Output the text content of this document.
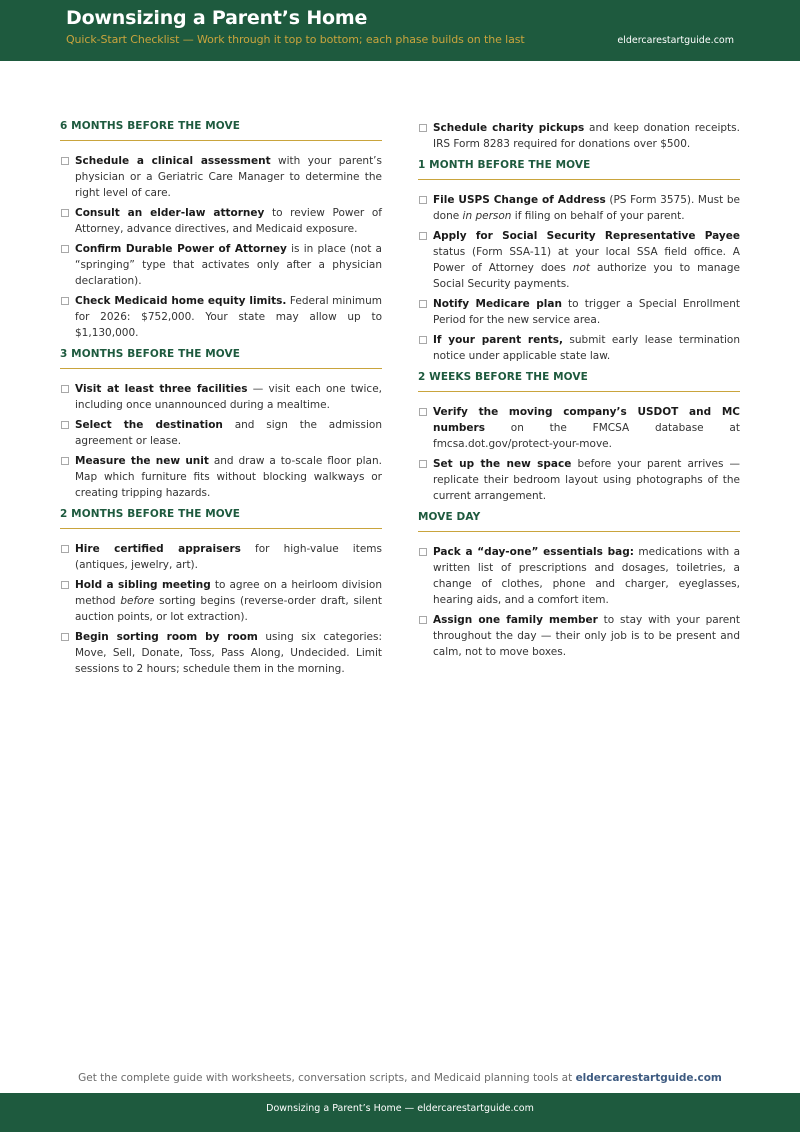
Downsizing a Parent’s Home
Quick-Start Checklist — Work through it top to bottom; each phase builds on the last	eldercarestartguide.com
6 MONTHS BEFORE THE MOVE
Schedule a clinical assessment with your parent’s physician or a Geriatric Care Manager to determine the right level of care.
Consult an elder-law attorney to review Power of Attorney, advance directives, and Medicaid exposure.
Confirm Durable Power of Attorney is in place (not a “springing” type that activates only after a physician declaration).
Check Medicaid home equity limits. Federal minimum for 2026: $752,000. Your state may allow up to $1,130,000.
3 MONTHS BEFORE THE MOVE
Visit at least three facilities — visit each one twice, including once unannounced during a mealtime.
Select the destination and sign the admission agreement or lease.
Measure the new unit and draw a to-scale floor plan. Map which furniture fits without blocking walkways or creating tripping hazards.
2 MONTHS BEFORE THE MOVE
Hire certified appraisers for high-value items (antiques, jewelry, art).
Hold a sibling meeting to agree on a heirloom division method before sorting begins (reverse-order draft, silent auction points, or lot extraction).
Begin sorting room by room using six categories: Move, Sell, Donate, Toss, Pass Along, Undecided. Limit sessions to 2 hours; schedule them in the morning.
Schedule charity pickups and keep donation receipts. IRS Form 8283 required for donations over $500.
1 MONTH BEFORE THE MOVE
File USPS Change of Address (PS Form 3575). Must be done in person if filing on behalf of your parent.
Apply for Social Security Representative Payee status (Form SSA-11) at your local SSA field office. A Power of Attorney does not authorize you to manage Social Security payments.
Notify Medicare plan to trigger a Special Enrollment Period for the new service area.
If your parent rents, submit early lease termination notice under applicable state law.
2 WEEKS BEFORE THE MOVE
Verify the moving company’s USDOT and MC numbers on the FMCSA database at fmcsa.dot.gov/protect-your-move.
Set up the new space before your parent arrives — replicate their bedroom layout using photographs of the current arrangement.
MOVE DAY
Pack a “day-one” essentials bag: medications with a written list of prescriptions and dosages, toiletries, a change of clothes, phone and charger, eyeglasses, hearing aids, and a comfort item.
Assign one family member to stay with your parent throughout the day — their only job is to be present and calm, not to move boxes.
Get the complete guide with worksheets, conversation scripts, and Medicaid planning tools at eldercarestartguide.com
Downsizing a Parent’s Home — eldercarestartguide.com
